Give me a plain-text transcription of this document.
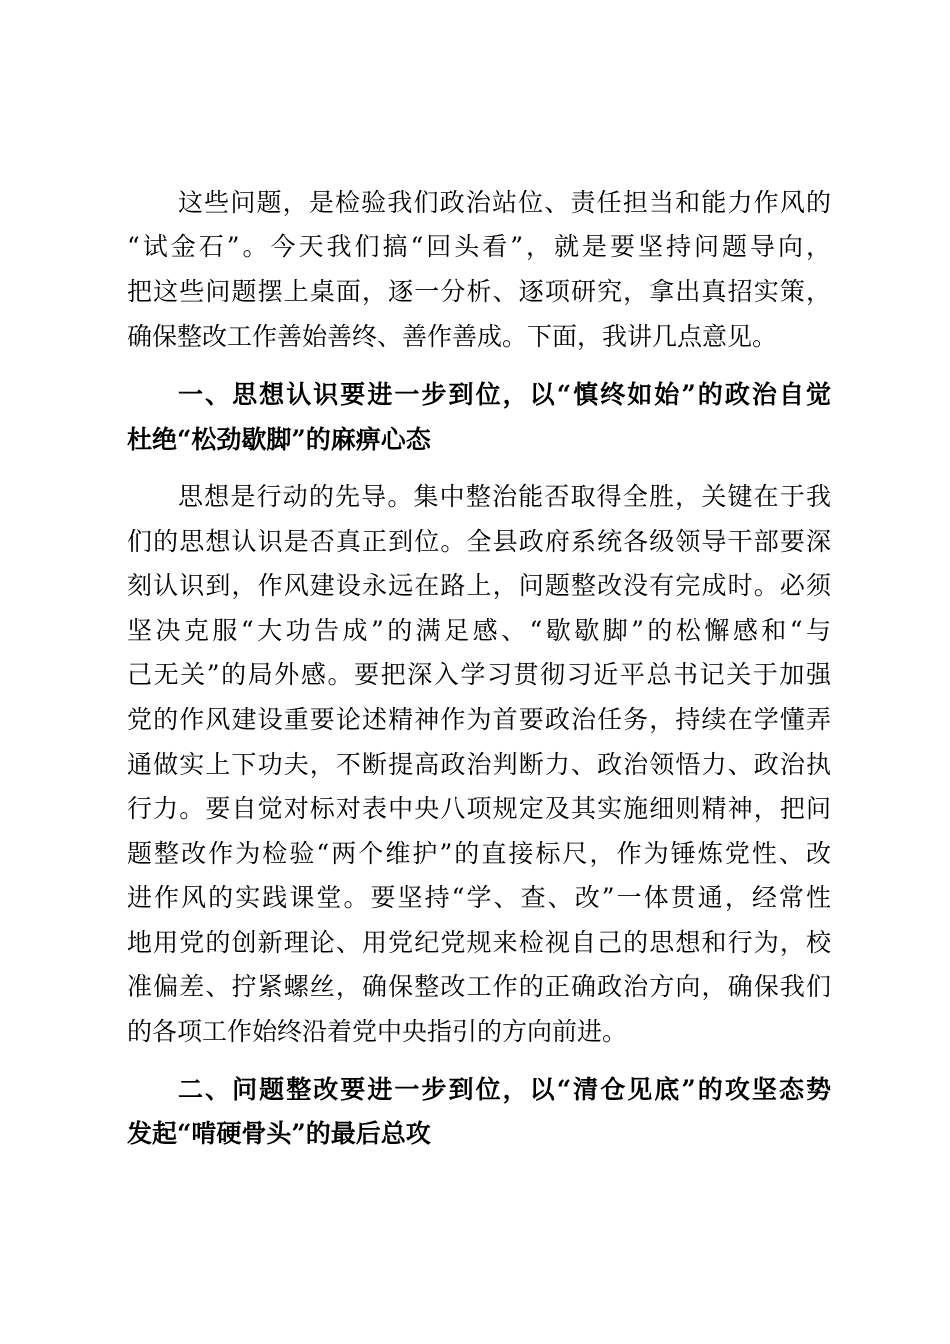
这些问题，是检验我们政治站位、责任担当和能力作风的
“试金石”。今天我们搞“回头看”，就是要坚持问题导向，
把这些问题摆上桌面，逐一分析、逐项研究，拿出真招实策，
确保整改工作善始善终、善作善成。下面，我讲几点意见。
一、思想认识要进一步到位，以“慎终如始”的政治自觉
杜绝“松劲歇脚”的麻痹心态
思想是行动的先导。集中整治能否取得全胜，关键在于我
们的思想认识是否真正到位。全县政府系统各级领导干部要深
刻认识到，作风建设永远在路上，问题整改没有完成时。必须
坚决克服“大功告成”的满足感、“歇歇脚”的松懈感和“与
己无关”的局外感。要把深入学习贯彻习近平总书记关于加强
党的作风建设重要论述精神作为首要政治任务，持续在学懂弄
通做实上下功夫，不断提高政治判断力、政治领悟力、政治执
行力。要自觉对标对表中央八项规定及其实施细则精神，把问
题整改作为检验“两个维护”的直接标尺，作为锤炼党性、改
进作风的实践课堂。要坚持“学、查、改”一体贯通，经常性
地用党的创新理论、用党纪党规来检视自己的思想和行为，校
准偏差、拧紧螺丝，确保整改工作的正确政治方向，确保我们
的各项工作始终沿着党中央指引的方向前进。
二、问题整改要进一步到位，以“清仓见底”的攻坚态势
发起“啃硬骨头”的最后总攻
